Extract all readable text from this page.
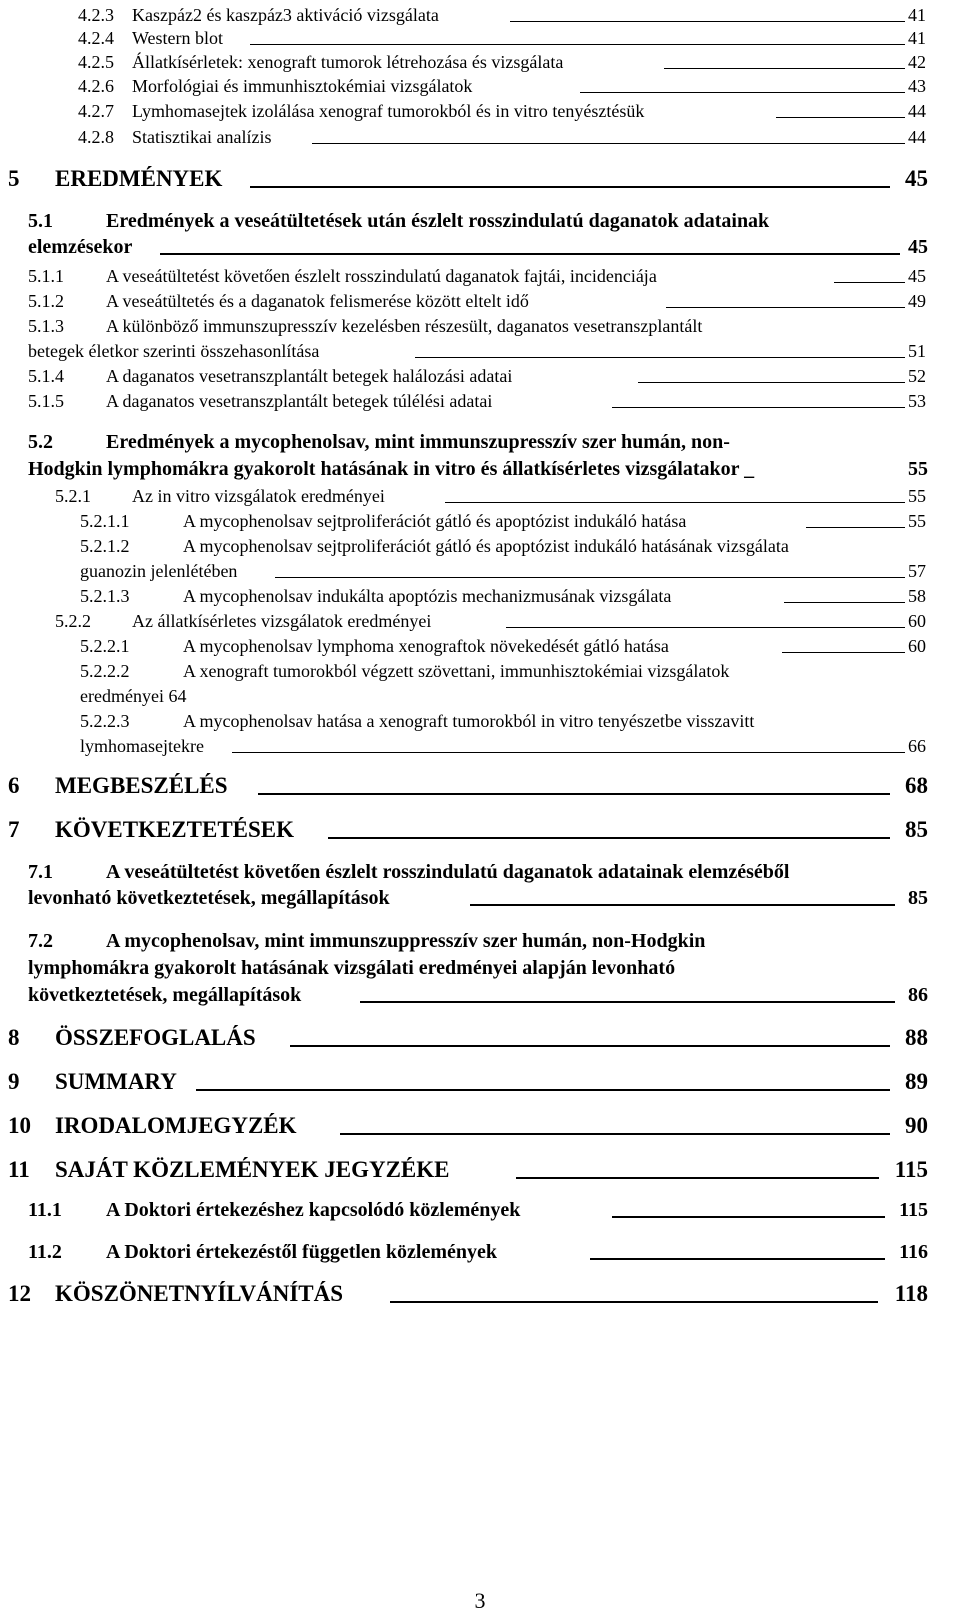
4.2.3 Kaszpáz2 és kaszpáz3 aktiváció vizsgálata	41
4.2.4 Western blot	41
4.2.5 Állatkísérletek: xenograft tumorok létrehozása és vizsgálata	42
4.2.6 Morfológiai és immunhisztokémiai vizsgálatok	43
4.2.7 Lymhomasejtek izolálása xenograf tumorokból és in vitro tenyésztésük	44
4.2.8 Statisztikai analízis	44
5 EREDMÉNYEK	45
5.1	Eredmények a veseátültetések után észlelt rosszindulatú daganatok adatainak
elemzésekor	45
5.1.1 A veseátültetést követően észlelt rosszindulatú daganatok fajtái, incidenciája	45
5.1.2 A veseátültetés és a daganatok felismerése között eltelt idő	49
5.1.3 A különböző immunszupresszív kezelésben részesült, daganatos vesetranszplantált
betegek életkor szerinti összehasonlítása	51
5.1.4 A daganatos vesetranszplantált betegek halálozási adatai	52
5.1.5 A daganatos vesetranszplantált betegek túlélési adatai	53
5.2	Eredmények a mycophenolsav, mint immunszupresszív szer humán, non-
Hodgkin lymphomákra gyakorolt hatásának in vitro és állatkísérletes vizsgálatakor _	55
5.2.1 Az in vitro vizsgálatok eredményei	55
5.2.1.1	A mycophenolsav sejtproliferációt gátló és apoptózist indukáló hatása	55
5.2.1.2	A mycophenolsav sejtproliferációt gátló és apoptózist indukáló hatásának vizsgálata
guanozin jelenlétében	57
5.2.1.3	A mycophenolsav indukálta apoptózis mechanizmusának vizsgálata	58
5.2.2 Az állatkísérletes vizsgálatok eredményei	60
5.2.2.1	A mycophenolsav lymphoma xenograftok növekedését gátló hatása	60
5.2.2.2	A xenograft tumorokból végzett szövettani, immunhisztokémiai vizsgálatok
eredményei 64
5.2.2.3	A mycophenolsav hatása a xenograft tumorokból in vitro tenyészetbe visszavitt
lymhomasejtekre	66
6 MEGBESZÉLÉS	68
7 KÖVETKEZTETÉSEK	85
7.1	A veseátültetést követően észlelt rosszindulatú daganatok adatainak elemzéséből
levonható következtetések, megállapítások	85
7.2	A mycophenolsav, mint immunszuppresszív szer humán, non-Hodgkin
lymphomákra gyakorolt hatásának vizsgálati eredményei alapján levonható
következtetések, megállapítások	86
8 ÖSSZEFOGLALÁS	88
9 SUMMARY	89
10 IRODALOMJEGYZÉK	90
11 SAJÁT KÖZLEMÉNYEK JEGYZÉKE	115
11.1 A Doktori értekezéshez kapcsolódó közlemények	115
11.2 A Doktori értekezéstől független közlemények	116
12 KÖSZÖNETNYÍLVÁNÍTÁS	118
3
